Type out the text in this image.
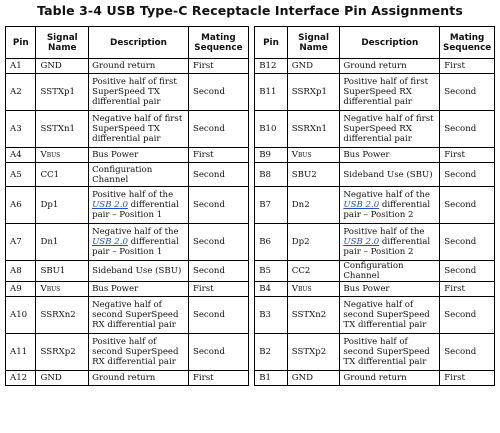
Table 3-4 USB Type-C Receptacle Interface Pin Assignments
Pin	Signal Name	Description	Mating Sequence		Pin	Signal Name	Description	Mating Sequence
A1	GND	Ground return	First		B12	GND	Ground return	First
A2	SSTXp1	Positive half of first SuperSpeed TX differential pair	Second		B11	SSRXp1	Positive half of first SuperSpeed RX differential pair	Second
A3	SSTXn1	Negative half of first SuperSpeed TX differential pair	Second		B10	SSRXn1	Negative half of first SuperSpeed RX differential pair	Second
A4	Vbus	Bus Power	First		B9	Vbus	Bus Power	First
A5	CC1	Configuration Channel	Second		B8	SBU2	Sideband Use (SBU)	Second
A6	Dp1	Positive half of the USB 2.0 differential pair – Position 1	Second		B7	Dn2	Negative half of the USB 2.0 differential pair – Position 2	Second
A7	Dn1	Negative half of the USB 2.0 differential pair – Position 1	Second		B6	Dp2	Positive half of the USB 2.0 differential pair – Position 2	Second
A8	SBU1	Sideband Use (SBU)	Second		B5	CC2	Configuration Channel	Second
A9	Vbus	Bus Power	First		B4	Vbus	Bus Power	First
A10	SSRXn2	Negative half of second SuperSpeed RX differential pair	Second		B3	SSTXn2	Negative half of second SuperSpeed TX differential pair	Second
A11	SSRXp2	Positive half of second SuperSpeed RX differential pair	Second		B2	SSTXp2	Positive half of second SuperSpeed TX differential pair	Second
A12	GND	Ground return	First		B1	GND	Ground return	First
